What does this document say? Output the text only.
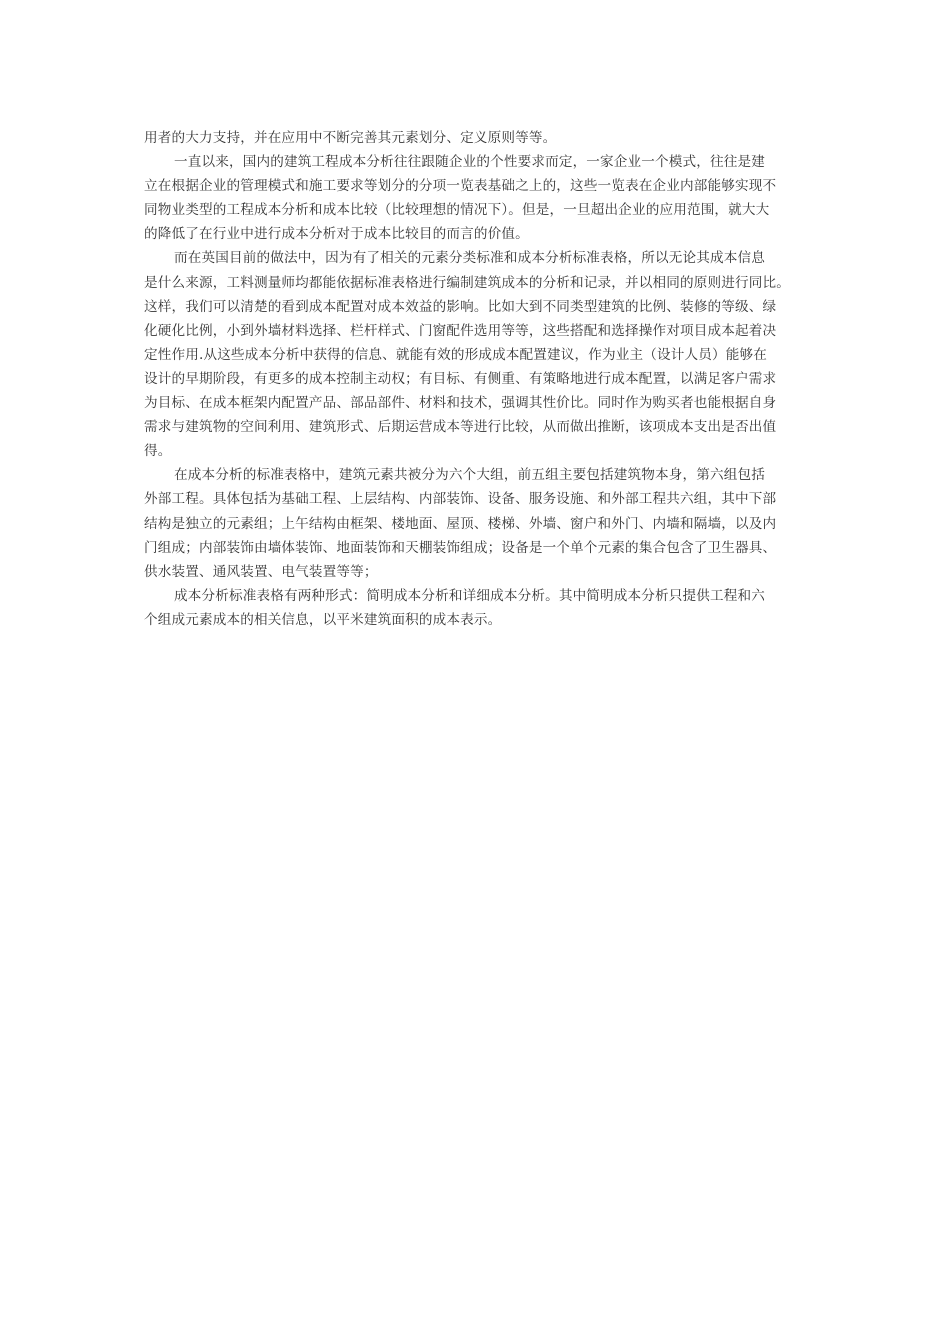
用者的大力支持，并在应用中不断完善其元素划分、定义原则等等。
一直以来，国内的建筑工程成本分析往往跟随企业的个性要求而定，一家企业一个模式，往往是建
立在根据企业的管理模式和施工要求等划分的分项一览表基础之上的，这些一览表在企业内部能够实现不
同物业类型的工程成本分析和成本比较（比较理想的情况下）。但是，一旦超出企业的应用范围，就大大
的降低了在行业中进行成本分析对于成本比较目的而言的价值。
而在英国目前的做法中，因为有了相关的元素分类标准和成本分析标准表格，所以无论其成本信息
是什么来源，工料测量师均都能依据标准表格进行编制建筑成本的分析和记录，并以相同的原则进行同比。
这样，我们可以清楚的看到成本配置对成本效益的影响。比如大到不同类型建筑的比例、装修的等级、绿
化硬化比例，小到外墙材料选择、栏杆样式、门窗配件选用等等，这些搭配和选择操作对项目成本起着决
定性作用.从这些成本分析中获得的信息、就能有效的形成成本配置建议，作为业主（设计人员）能够在
设计的早期阶段，有更多的成本控制主动权；有目标、有侧重、有策略地进行成本配置，以满足客户需求
为目标、在成本框架内配置产品、部品部件、材料和技术，强调其性价比。同时作为购买者也能根据自身
需求与建筑物的空间利用、建筑形式、后期运营成本等进行比较，从而做出推断，该项成本支出是否出值
得。
在成本分析的标准表格中，建筑元素共被分为六个大组，前五组主要包括建筑物本身，第六组包括
外部工程。具体包括为基础工程、上层结构、内部装饰、设备、服务设施、和外部工程共六组，其中下部
结构是独立的元素组；上午结构由框架、楼地面、屋顶、楼梯、外墙、窗户和外门、内墙和隔墙，以及内
门组成；内部装饰由墙体装饰、地面装饰和天棚装饰组成；设备是一个单个元素的集合包含了卫生器具、
供水装置、通风装置、电气装置等等；
成本分析标准表格有两种形式：简明成本分析和详细成本分析。其中简明成本分析只提供工程和六
个组成元素成本的相关信息，以平米建筑面积的成本表示。
